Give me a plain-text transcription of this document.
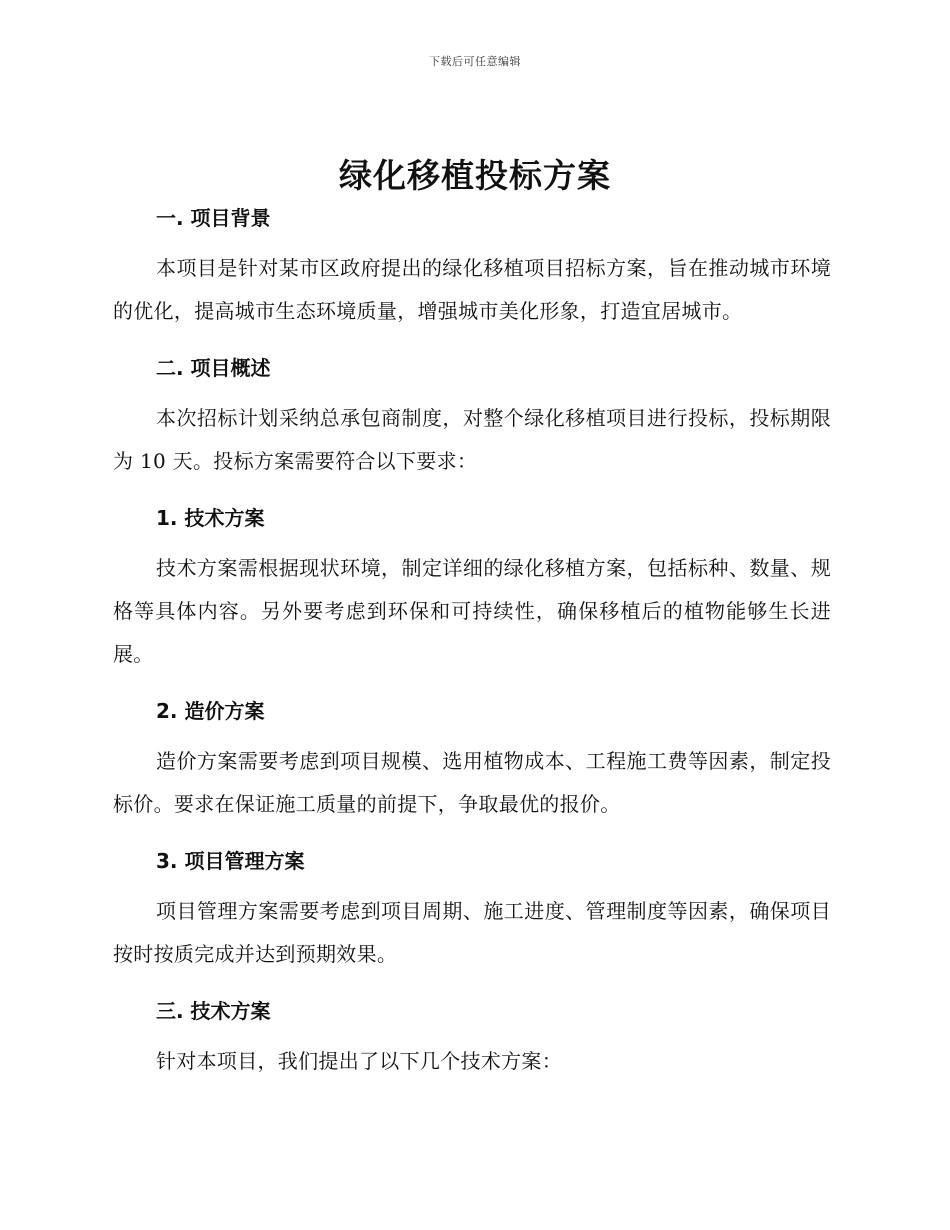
下载后可任意编辑
绿化移植投标方案
一. 项目背景

本项目是针对某市区政府提出的绿化移植项目招标方案，旨在推动城市环境的优化，提高城市生态环境质量，增强城市美化形象，打造宜居城市。

二. 项目概述

本次招标计划采纳总承包商制度，对整个绿化移植项目进行投标，投标期限为 10 天。投标方案需要符合以下要求：

1. 技术方案

技术方案需根据现状环境，制定详细的绿化移植方案，包括标种、数量、规格等具体内容。另外要考虑到环保和可持续性，确保移植后的植物能够生长进展。

2. 造价方案

造价方案需要考虑到项目规模、选用植物成本、工程施工费等因素，制定投标价。要求在保证施工质量的前提下，争取最优的报价。

3. 项目管理方案

项目管理方案需要考虑到项目周期、施工进度、管理制度等因素，确保项目按时按质完成并达到预期效果。

三. 技术方案

针对本项目，我们提出了以下几个技术方案：
